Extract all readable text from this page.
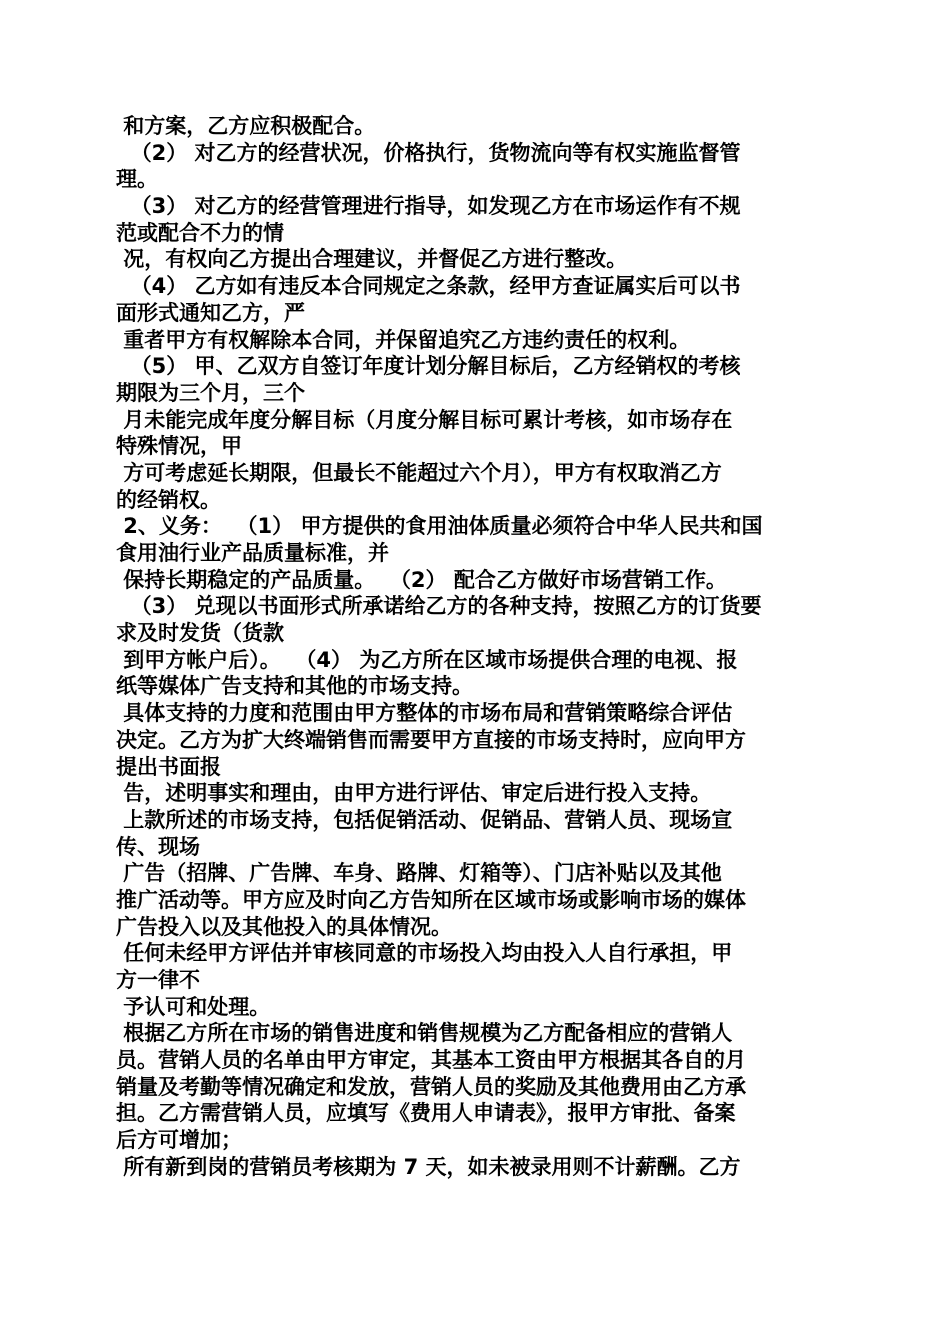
和方案，乙方应积极配合。
（2） 对乙方的经营状况，价格执行，货物流向等有权实施监督管
理。
（3） 对乙方的经营管理进行指导，如发现乙方在市场运作有不规
范或配合不力的情
况，有权向乙方提出合理建议，并督促乙方进行整改。
（4） 乙方如有违反本合同规定之条款，经甲方查证属实后可以书
面形式通知乙方，严
重者甲方有权解除本合同，并保留追究乙方违约责任的权利。
（5） 甲、乙双方自签订年度计划分解目标后，乙方经销权的考核
期限为三个月，三个
月未能完成年度分解目标（月度分解目标可累计考核，如市场存在
特殊情况，甲
方可考虑延长期限，但最长不能超过六个月），甲方有权取消乙方
的经销权。
2、义务：  （1） 甲方提供的食用油体质量必须符合中华人民共和国
食用油行业产品质量标准，并
保持长期稳定的产品质量。  （2） 配合乙方做好市场营销工作。
（3） 兑现以书面形式所承诺给乙方的各种支持，按照乙方的订货要
求及时发货（货款
到甲方帐户后）。  （4） 为乙方所在区域市场提供合理的电视、报
纸等媒体广告支持和其他的市场支持。
具体支持的力度和范围由甲方整体的市场布局和营销策略综合评估
决定。乙方为扩大终端销售而需要甲方直接的市场支持时，应向甲方
提出书面报
告，述明事实和理由，由甲方进行评估、审定后进行投入支持。
上款所述的市场支持，包括促销活动、促销品、营销人员、现场宣
传、现场
广告（招牌、广告牌、车身、路牌、灯箱等）、门店补贴以及其他
推广活动等。甲方应及时向乙方告知所在区域市场或影响市场的媒体
广告投入以及其他投入的具体情况。
任何未经甲方评估并审核同意的市场投入均由投入人自行承担，甲
方一律不
予认可和处理。
根据乙方所在市场的销售进度和销售规模为乙方配备相应的营销人
员。营销人员的名单由甲方审定，其基本工资由甲方根据其各自的月
销量及考勤等情况确定和发放，营销人员的奖励及其他费用由乙方承
担。乙方需营销人员，应填写《费用人申请表》，报甲方审批、备案
后方可增加；
所有新到岗的营销员考核期为 7 天，如未被录用则不计薪酬。乙方
